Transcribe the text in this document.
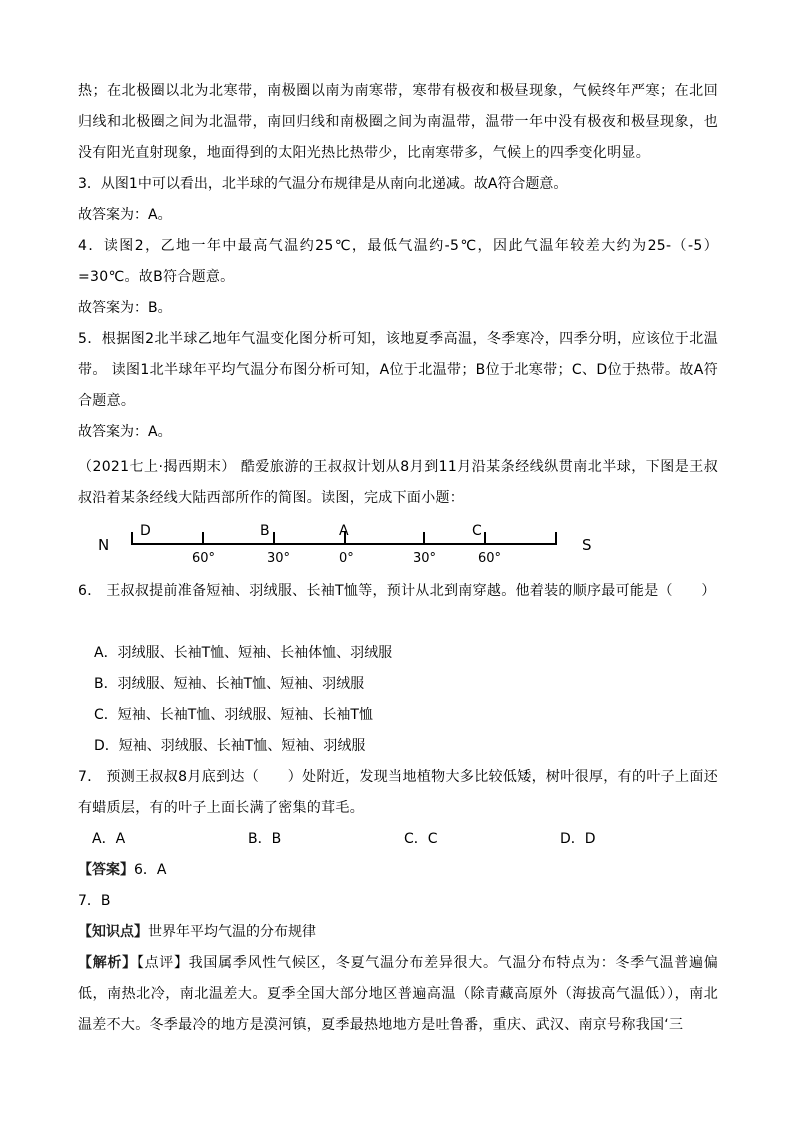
热；在北极圈以北为北寒带，南极圈以南为南寒带，寒带有极夜和极昼现象，气候终年严寒；在北回归线和北极圈之间为北温带，南回归线和南极圈之间为南温带，温带一年中没有极夜和极昼现象，也没有阳光直射现象，地面得到的太阳光热比热带少，比南寒带多，气候上的四季变化明显。
3．从图1中可以看出，北半球的气温分布规律是从南向北递减。故A符合题意。
故答案为：A。
4．读图2，乙地一年中最高气温约25℃，最低气温约-5℃，因此气温年较差大约为25-（-5）=30℃。故B符合题意。
故答案为：B。
5．根据图2北半球乙地年气温变化图分析可知，该地夏季高温，冬季寒冷，四季分明，应该位于北温带。 读图1北半球年平均气温分布图分析可知，A位于北温带；B位于北寒带；C、D位于热带。故A符合题意。
故答案为：A。
（2021七上·揭西期末） 酷爱旅游的王叔叔计划从8月到11月沿某条经线纵贯南北半球，下图是王叔叔沿着某条经线大陆西部所作的简图。读图，完成下面小题：
N
D	B	A	C
60°	30°	0°	30°	60°
S
6． 王叔叔提前准备短袖、羽绒服、长袖T恤等，预计从北到南穿越。他着装的顺序最可能是（　　）
A．羽绒服、长袖T恤、短袖、长袖体恤、羽绒服
B．羽绒服、短袖、长袖T恤、短袖、羽绒服
C．短袖、长袖T恤、羽绒服、短袖、长袖T恤
D．短袖、羽绒服、长袖T恤、短袖、羽绒服
7． 预测王叔叔8月底到达（　　）处附近，发现当地植物大多比较低矮，树叶很厚，有的叶子上面还有蜡质层，有的叶子上面长满了密集的茸毛。
A．A	B．B	C．C	D．D
【答案】6．A
7．B
【知识点】世界年平均气温的分布规律
【解析】【点评】我国属季风性气候区，冬夏气温分布差异很大。气温分布特点为：冬季气温普遍偏低，南热北冷，南北温差大。夏季全国大部分地区普遍高温（除青藏高原外（海拔高气温低）），南北温差不大。冬季最冷的地方是漠河镇，夏季最热地地方是吐鲁番，重庆、武汉、南京号称我国‘三
